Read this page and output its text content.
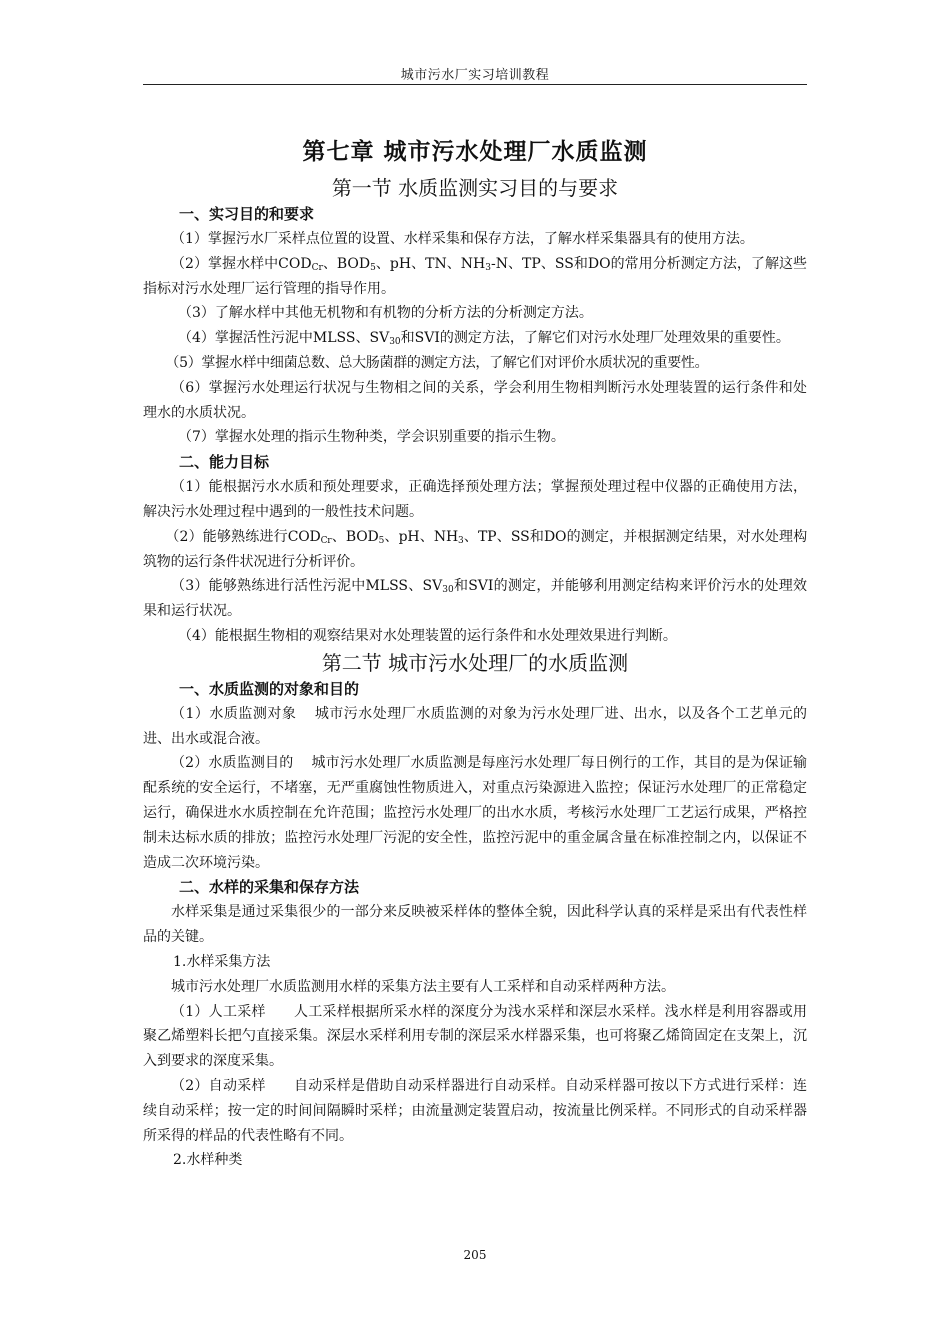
城市污水厂实习培训教程
第七章 城市污水处理厂水质监测
第一节 水质监测实习目的与要求
一、实习目的和要求

（1）掌握污水厂采样点位置的设置、水样采集和保存方法，了解水样采集器具有的使用方法。

（2）掌握水样中$COD_{Cr}$、$BOD_5$、pH、TN、$NH_3-N$、TP、SS和DO的常用分析测定方法，了解这些指标对污水处理厂运行管理的指导作用。

（3）了解水样中其他无机物和有机物的分析方法的分析测定方法。

（4）掌握活性污泥中MLSS、$SV_{30}$和SVI的测定方法，了解它们对污水处理厂处理效果的重要性。

（5）掌握水样中细菌总数、总大肠菌群的测定方法，了解它们对评价水质状况的重要性。

（6）掌握污水处理运行状况与生物相之间的关系，学会利用生物相判断污水处理装置的运行条件和处理水的水质状况。

（7）掌握水处理的指示生物种类，学会识别重要的指示生物。

二、能力目标

（1）能根据污水水质和预处理要求，正确选择预处理方法；掌握预处理过程中仪器的正确使用方法，解决污水处理过程中遇到的一般性技术问题。

（2）能够熟练进行$COD_{Cr}$、$BOD_5$、pH、$NH_3$、TP、SS和DO的测定，并根据测定结果，对水处理构筑物的运行条件状况进行分析评价。

（3）能够熟练进行活性污泥中MLSS、$SV_{30}$和SVI的测定，并能够利用测定结构来评价污水的处理效果和运行状况。

（4）能根据生物相的观察结果对水处理装置的运行条件和水处理效果进行判断。

第二节 城市污水处理厂的水质监测
一、水质监测的对象和目的

（1）水质监测对象 城市污水处理厂水质监测的对象为污水处理厂进、出水，以及各个工艺单元的进、出水或混合液。

（2）水质监测目的 城市污水处理厂水质监测是每座污水处理厂每日例行的工作，其目的是为保证输配系统的安全运行，不堵塞，无严重腐蚀性物质进入，对重点污染源进入监控；保证污水处理厂的正常稳定运行，确保进水水质控制在允许范围；监控污水处理厂的出水水质，考核污水处理厂工艺运行成果，严格控制未达标水质的排放；监控污水处理厂污泥的安全性，监控污泥中的重金属含量在标准控制之内，以保证不造成二次环境污染。

二、水样的采集和保存方法

水样采集是通过采集很少的一部分来反映被采样体的整体全貌，因此科学认真的采样是采出有代表性样品的关键。

1.水样采集方法

城市污水处理厂水质监测用水样的采集方法主要有人工采样和自动采样两种方法。

（1）人工采样 人工采样根据所采水样的深度分为浅水采样和深层水采样。浅水样是利用容器或用聚乙烯塑料长把勺直接采集。深层水采样利用专制的深层采水样器采集，也可将聚乙烯筒固定在支架上，沉入到要求的深度采集。

（2）自动采样 自动采样是借助自动采样器进行自动采样。自动采样器可按以下方式进行采样：连续自动采样；按一定的时间间隔瞬时采样；由流量测定装置启动，按流量比例采样。不同形式的自动采样器所采得的样品的代表性略有不同。

2.水样种类

205
